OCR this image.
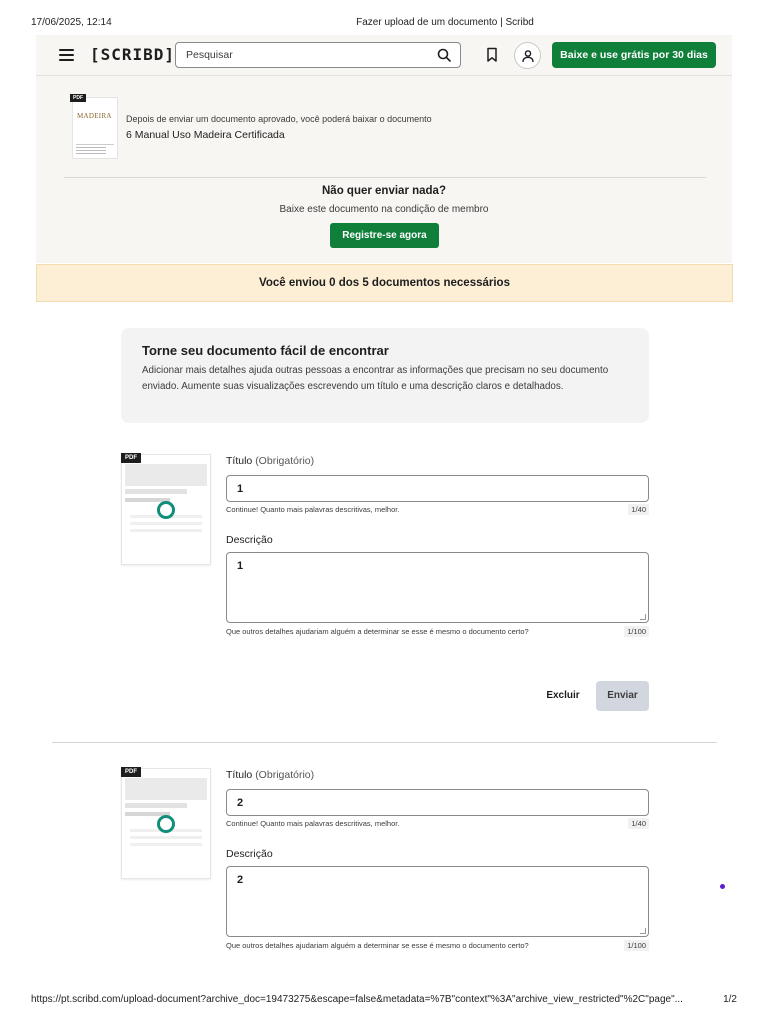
17/06/2025, 12:14	Fazer upload de um documento | Scribd
[SCRIBD] Pesquisar	Baixe e use grátis por 30 dias
PDF
MADEIRA Depois de enviar um documento aprovado, você poderá baixar o documento
6 Manual Uso Madeira Certificada
Não quer enviar nada?
Baixe este documento na condição de membro
Registre-se agora
Você enviou 0 dos 5 documentos necessários
Torne seu documento fácil de encontrar
Adicionar mais detalhes ajuda outras pessoas a encontrar as informações que precisam no seu documento enviado. Aumente suas visualizações escrevendo um título e uma descrição claros e detalhados.
PDF	Título (Obrigatório)
1
Continue! Quanto mais palavras descritivas, melhor.	1/40
Descrição
1
Que outros detalhes ajudariam alguém a determinar se esse é mesmo o documento certo?	1/100
Excluir	Enviar
PDF	Título (Obrigatório)
2
Continue! Quanto mais palavras descritivas, melhor.	1/40
Descrição
2
Que outros detalhes ajudariam alguém a determinar se esse é mesmo o documento certo?	1/100
https://pt.scribd.com/upload-document?archive_doc=19473275&escape=false&metadata=%7B"context"%3A"archive_view_restricted"%2C"page"...	1/2
